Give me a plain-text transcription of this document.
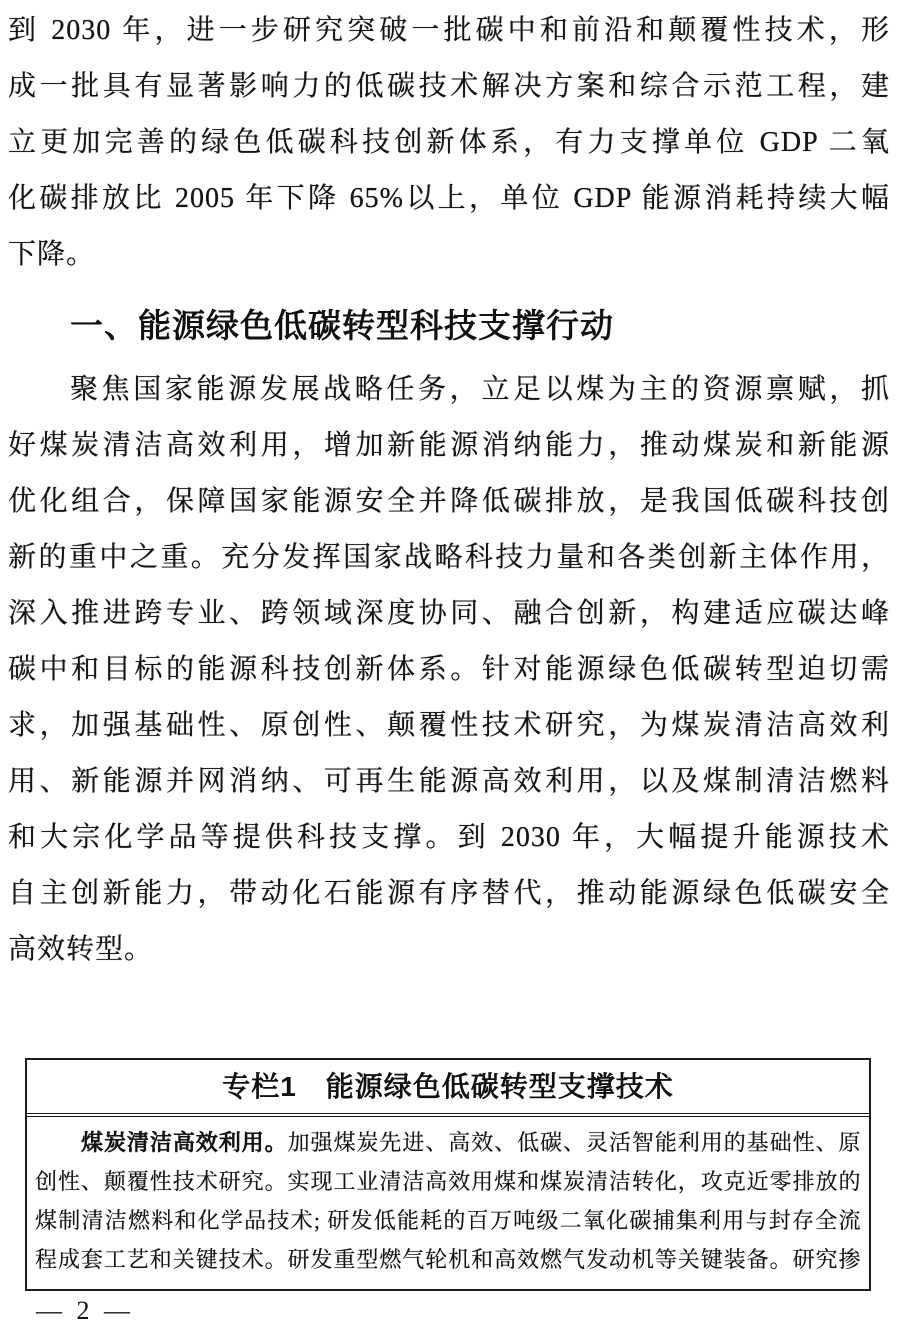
到 2030 年，进一步研究突破一批碳中和前沿和颠覆性技术，形
成一批具有显著影响力的低碳技术解决方案和综合示范工程，建
立更加完善的绿色低碳科技创新体系，有力支撑单位 GDP 二氧
化碳排放比 2005 年下降 65%以上，单位 GDP 能源消耗持续大幅
下降。
一、能源绿色低碳转型科技支撑行动
聚焦国家能源发展战略任务，立足以煤为主的资源禀赋，抓
好煤炭清洁高效利用，增加新能源消纳能力，推动煤炭和新能源
优化组合，保障国家能源安全并降低碳排放，是我国低碳科技创
新的重中之重。充分发挥国家战略科技力量和各类创新主体作用，
深入推进跨专业、跨领域深度协同、融合创新，构建适应碳达峰
碳中和目标的能源科技创新体系。针对能源绿色低碳转型迫切需
求，加强基础性、原创性、颠覆性技术研究，为煤炭清洁高效利
用、新能源并网消纳、可再生能源高效利用，以及煤制清洁燃料
和大宗化学品等提供科技支撑。到 2030 年，大幅提升能源技术
自主创新能力，带动化石能源有序替代，推动能源绿色低碳安全
高效转型。
专栏1　能源绿色低碳转型支撑技术
煤炭清洁高效利用。加强煤炭先进、高效、低碳、灵活智能利用的基础性、原
创性、颠覆性技术研究。实现工业清洁高效用煤和煤炭清洁转化，攻克近零排放的
煤制清洁燃料和化学品技术; 研发低能耗的百万吨级二氧化碳捕集利用与封存全流
程成套工艺和关键技术。研发重型燃气轮机和高效燃气发动机等关键装备。研究掺
— 2 —
